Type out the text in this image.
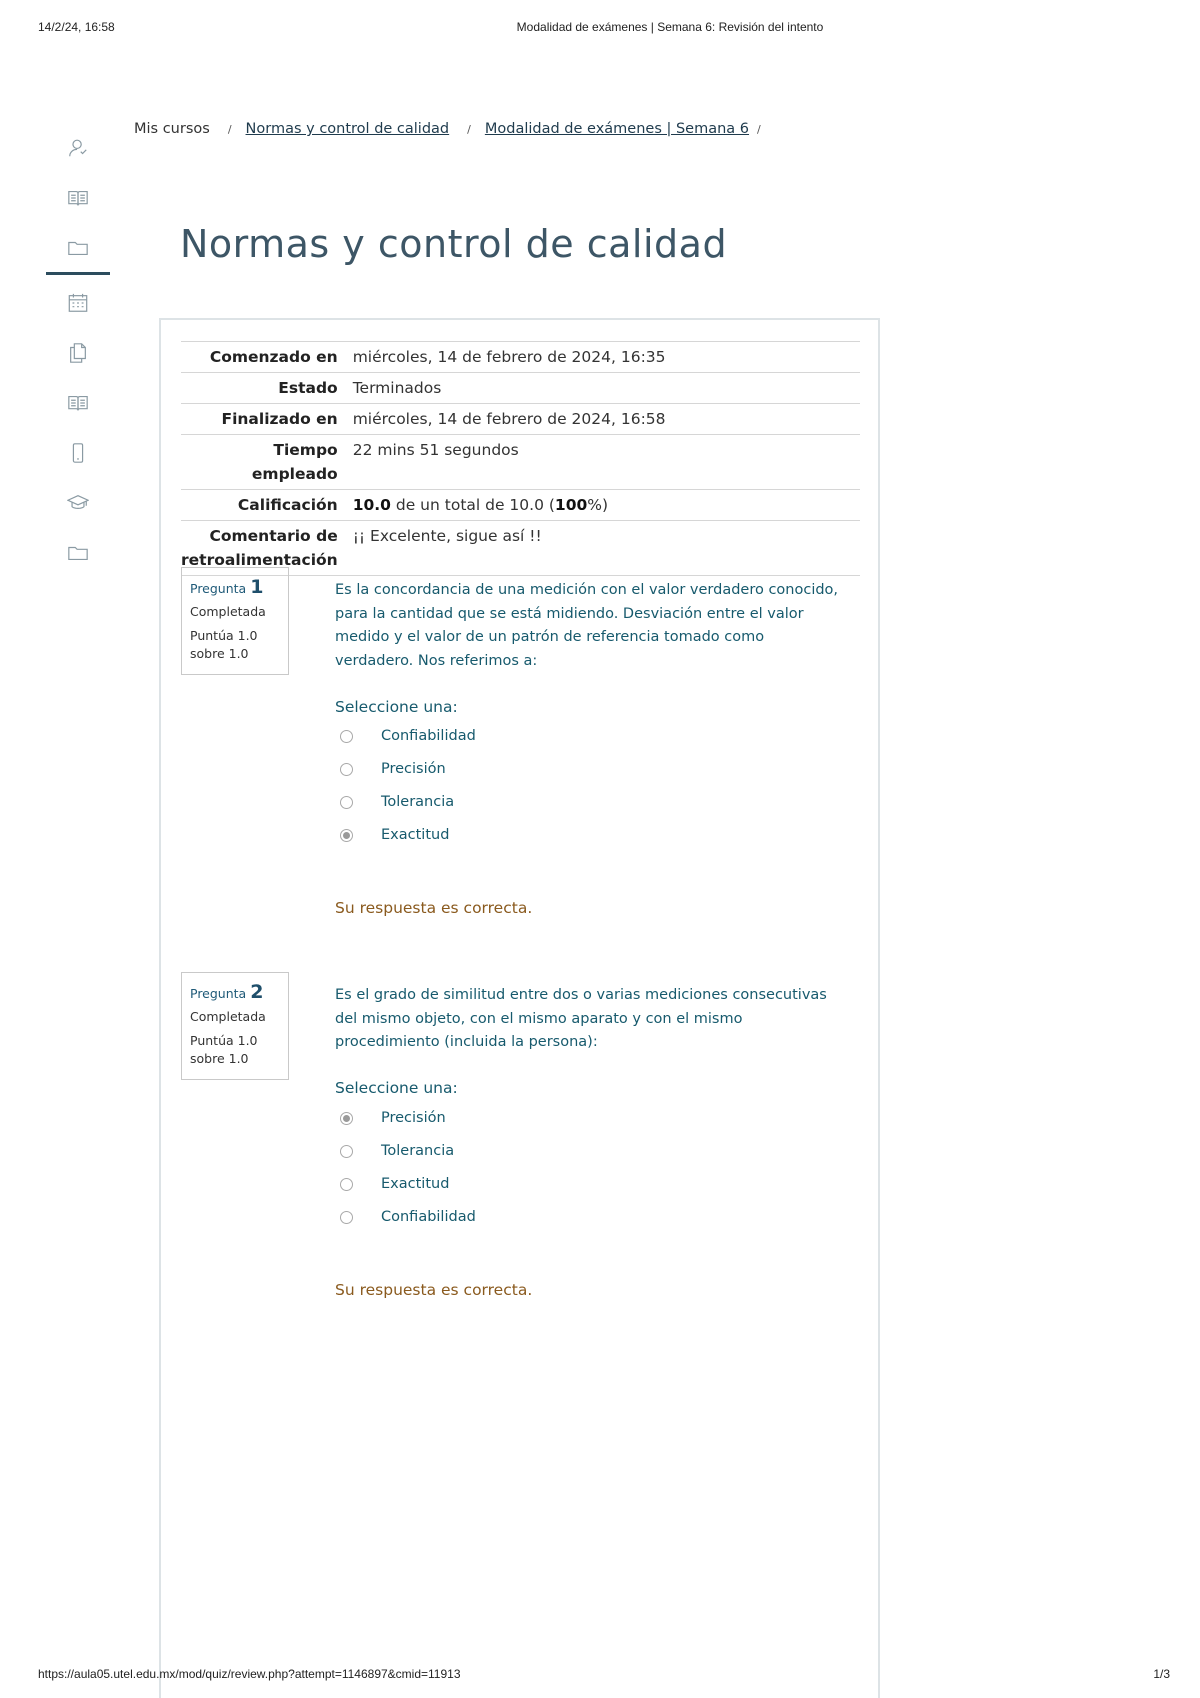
14/2/24, 16:58	Modalidad de exámenes | Semana 6: Revisión del intento
Mis cursos / Normas y control de calidad / Modalidad de exámenes | Semana 6 /
Normas y control de calidad
Comenzado en	miércoles, 14 de febrero de 2024, 16:35
Estado	Terminados
Finalizado en	miércoles, 14 de febrero de 2024, 16:58
Tiempo
empleado	22 mins 51 segundos
Calificación	10.0 de un total de 10.0 (100%)
Comentario de
retroalimentación	¡¡ Excelente, sigue así !!
Pregunta 1
Completada
Puntúa 1.0
sobre 1.0
Es la concordancia de una medición con el valor verdadero conocido, para la cantidad que se está midiendo. Desviación entre el valor medido y el valor de un patrón de referencia tomado como verdadero. Nos referimos a:
Seleccione una:
Confiabilidad
Precisión
Tolerancia
Exactitud
Su respuesta es correcta.
Pregunta 2
Completada
Puntúa 1.0
sobre 1.0
Es el grado de similitud entre dos o varias mediciones consecutivas del mismo objeto, con el mismo aparato y con el mismo procedimiento (incluida la persona):
Seleccione una:
Precisión
Tolerancia
Exactitud
Confiabilidad
Su respuesta es correcta.
https://aula05.utel.edu.mx/mod/quiz/review.php?attempt=1146897&cmid=11913	1/3
